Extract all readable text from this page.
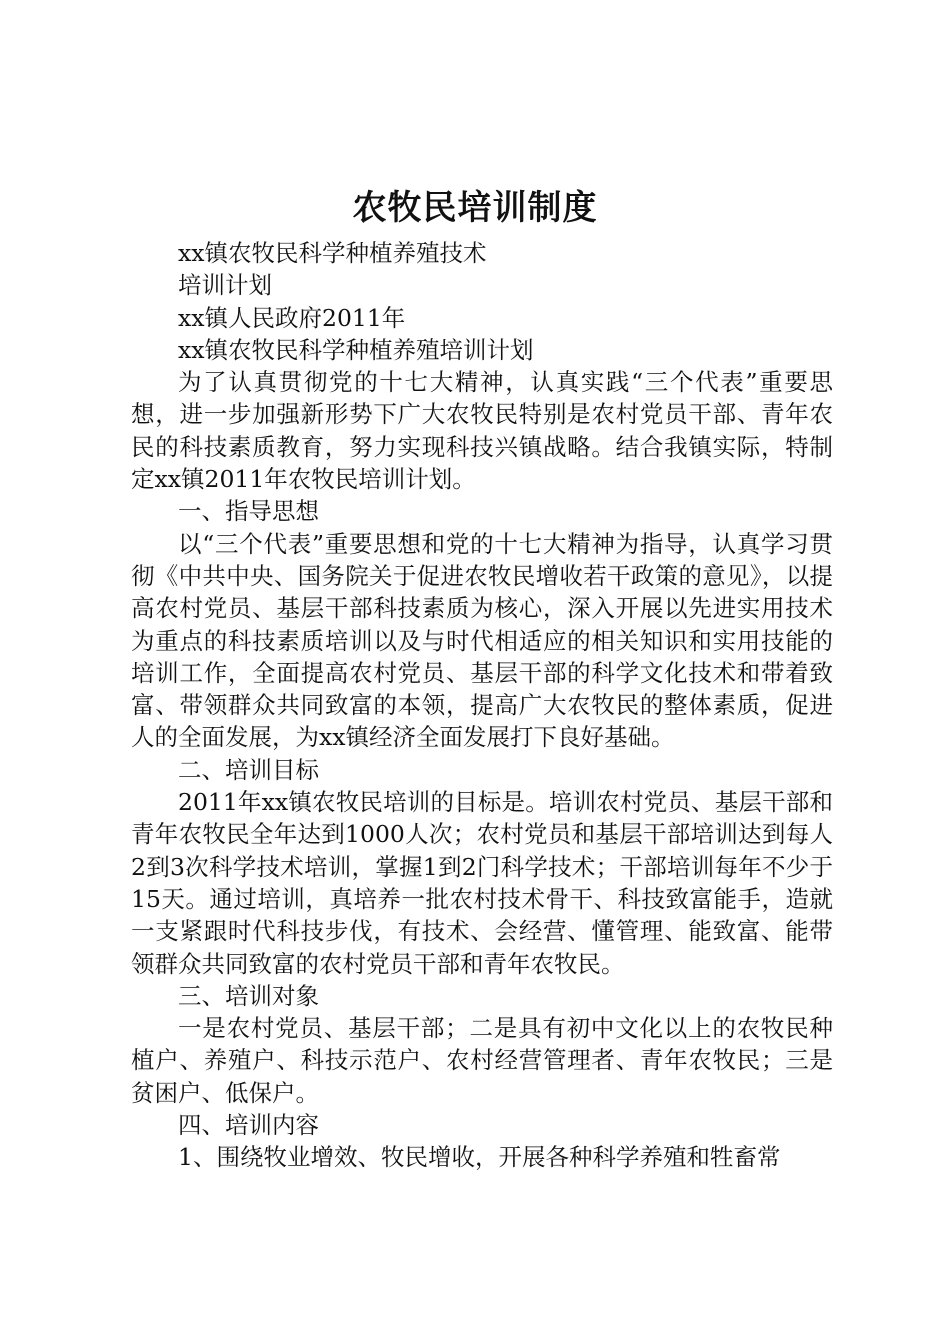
农牧民培训制度

xx镇农牧民科学种植养殖技术

培训计划

xx镇人民政府2011年

xx镇农牧民科学种植养殖培训计划

为了认真贯彻党的十七大精神，认真实践“三个代表”重要思想，进一步加强新形势下广大农牧民特别是农村党员干部、青年农民的科技素质教育，努力实现科技兴镇战略。结合我镇实际，特制定xx镇2011年农牧民培训计划。

一、指导思想

以“三个代表”重要思想和党的十七大精神为指导，认真学习贯彻《中共中央、国务院关于促进农牧民增收若干政策的意见》，以提高农村党员、基层干部科技素质为核心，深入开展以先进实用技术为重点的科技素质培训以及与时代相适应的相关知识和实用技能的培训工作，全面提高农村党员、基层干部的科学文化技术和带着致富、带领群众共同致富的本领，提高广大农牧民的整体素质，促进人的全面发展，为xx镇经济全面发展打下良好基础。

二、培训目标

2011年xx镇农牧民培训的目标是。培训农村党员、基层干部和青年农牧民全年达到1000人次；农村党员和基层干部培训达到每人2到3次科学技术培训，掌握1到2门科学技术；干部培训每年不少于15天。通过培训，真培养一批农村技术骨干、科技致富能手，造就一支紧跟时代科技步伐，有技术、会经营、懂管理、能致富、能带领群众共同致富的农村党员干部和青年农牧民。

三、培训对象

一是农村党员、基层干部；二是具有初中文化以上的农牧民种植户、养殖户、科技示范户、农村经营管理者、青年农牧民；三是贫困户、低保户。

四、培训内容

1、围绕牧业增效、牧民增收，开展各种科学养殖和牲畜常
